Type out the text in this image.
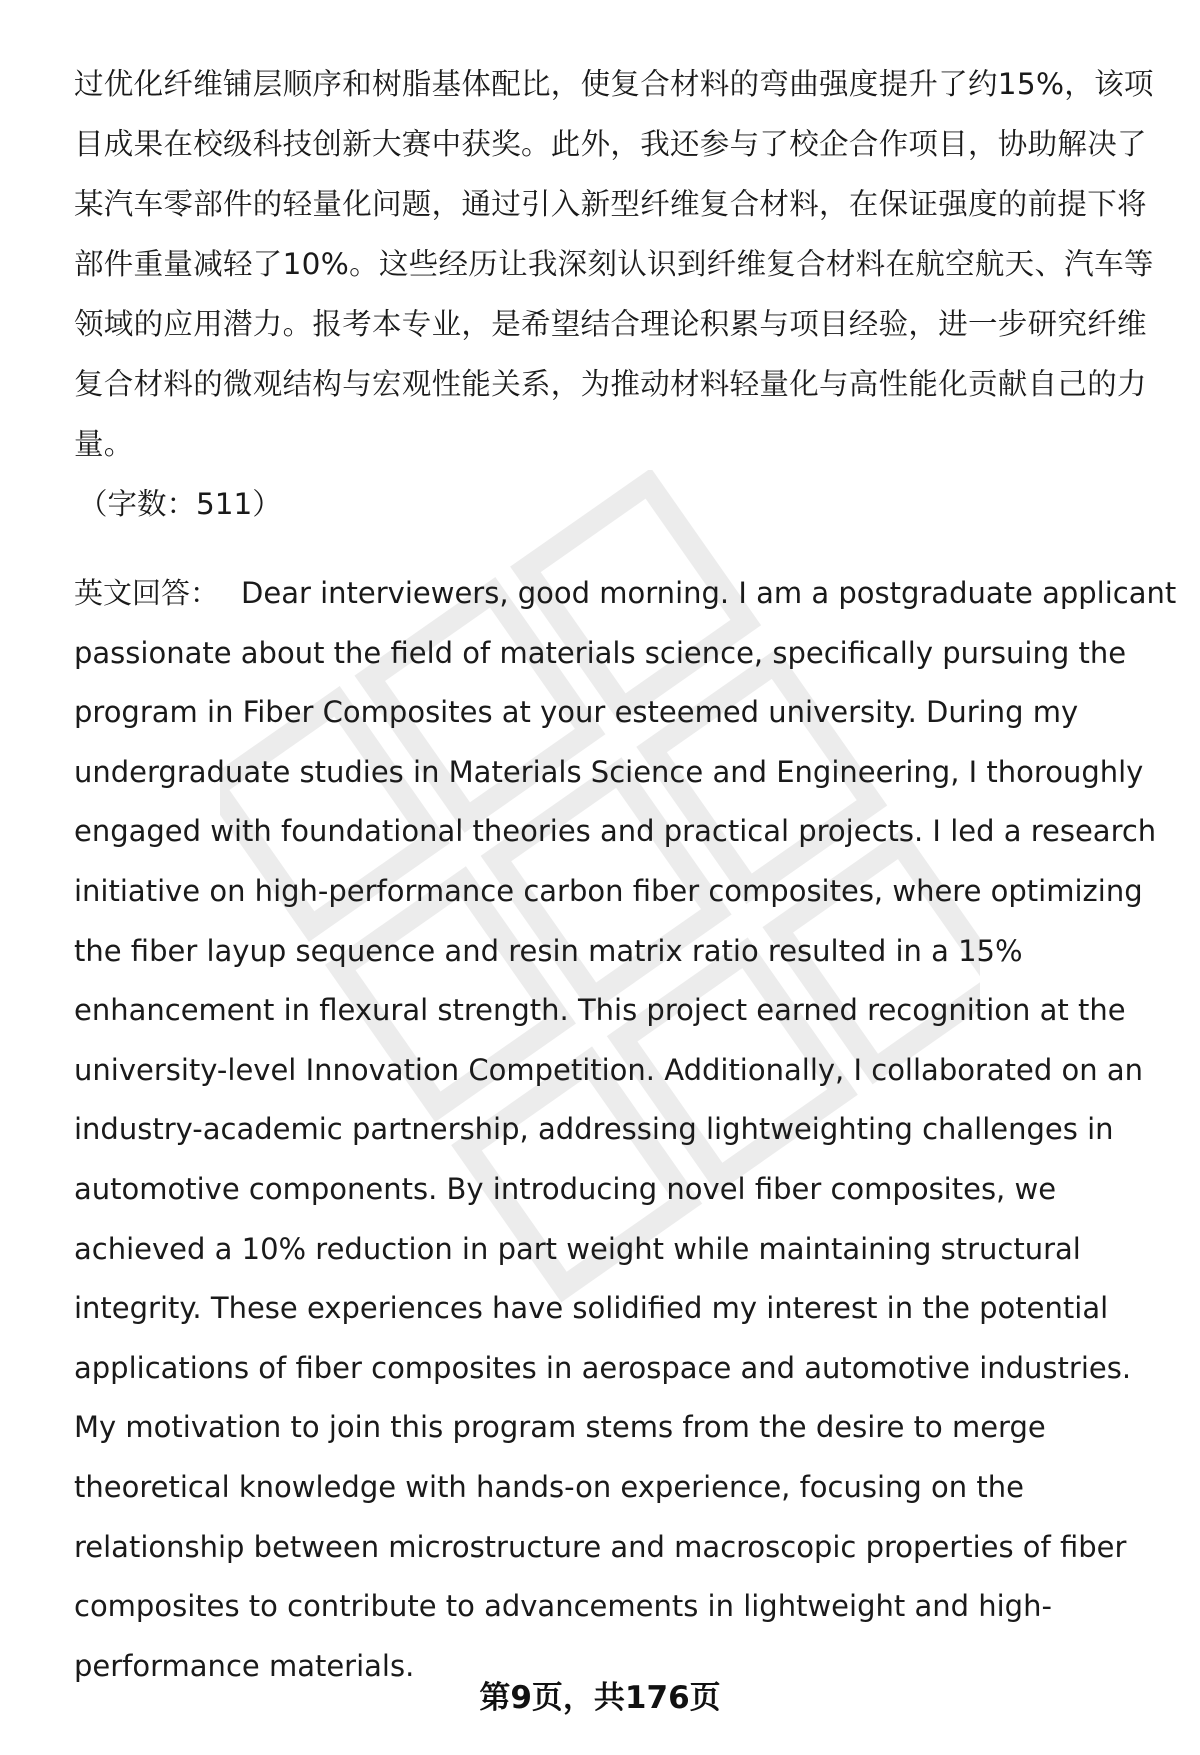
过优化纤维铺层顺序和树脂基体配比，使复合材料的弯曲强度提升了约15%，该项
目成果在校级科技创新大赛中获奖。此外，我还参与了校企合作项目，协助解决了
某汽车零部件的轻量化问题，通过引入新型纤维复合材料，在保证强度的前提下将
部件重量减轻了10%。这些经历让我深刻认识到纤维复合材料在航空航天、汽车等
领域的应用潜力。报考本专业，是希望结合理论积累与项目经验，进一步研究纤维
复合材料的微观结构与宏观性能关系，为推动材料轻量化与高性能化贡献自己的力
量。

（字数：511）

英文回答： Dear interviewers, good morning. I am a postgraduate applicant
passionate about the field of materials science, specifically pursuing the
program in Fiber Composites at your esteemed university. During my
undergraduate studies in Materials Science and Engineering, I thoroughly
engaged with foundational theories and practical projects. I led a research
initiative on high-performance carbon fiber composites, where optimizing
the fiber layup sequence and resin matrix ratio resulted in a 15%
enhancement in flexural strength. This project earned recognition at the
university-level Innovation Competition. Additionally, I collaborated on an
industry-academic partnership, addressing lightweighting challenges in
automotive components. By introducing novel fiber composites, we
achieved a 10% reduction in part weight while maintaining structural
integrity. These experiences have solidified my interest in the potential
applications of fiber composites in aerospace and automotive industries.
My motivation to join this program stems from the desire to merge
theoretical knowledge with hands-on experience, focusing on the
relationship between microstructure and macroscopic properties of fiber
composites to contribute to advancements in lightweight and high-
performance materials.

第9页，共176页
